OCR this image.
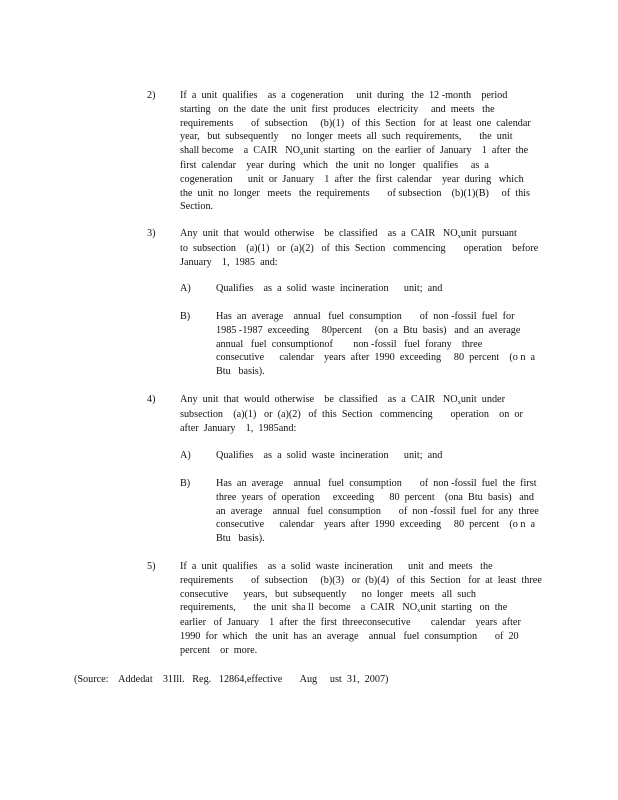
2) If  a  unit  qualifies    as  a  cogeneration     unit  during   the  12 -month    period
starting   on  the  date  the  unit  first  produces   electricity     and  meets   the
requirements       of  subsection     (b)(1)   of  this  Section   for  at  least  one  calendar
year,   but  subsequently     no  longer  meets  all  such  requirements,       the  unit
shall become    a  CAIR   NOxunit  starting   on  the  earlier  of  January    1  after  the
first  calendar    year  during   which   the  unit  no  longer   qualifies     as  a
cogeneration      unit  or  January    1  after  the  first  calendar    year  during   which
the  unit  no  longer   meets   the  requirements       of subsection    (b)(1)(B)     of  this
Section.
3) Any  unit  that  would  otherwise    be  classified    as  a  CAIR   NOxunit  pursuant
to  subsection    (a)(1)   or  (a)(2)   of  this  Section   commencing       operation    before
January    1,  1985  and:
A) Qualifies    as  a  solid  waste  incineration      unit;  and
B)	Has  an  average    annual   fuel  consumption       of  non -fossil  fuel  for
1985 -1987  exceeding     80percent     (on  a  Btu  basis)   and  an  average
annual   fuel  consumptionof        non -fossil   fuel  forany    three
consecutive      calendar    years  after  1990  exceeding     80  percent    (o n  a
Btu   basis).
4) Any  unit  that  would  otherwise    be  classified    as  a  CAIR   NOxunit  under
subsection    (a)(1)   or  (a)(2)   of  this  Section   commencing       operation    on  or
after  January    1,  1985and:
A) Qualifies    as  a  solid  waste  incineration      unit;  and
B)	Has  an  average    annual   fuel  consumption       of  non -fossil  fuel  the  first
three  years  of  operation     exceeding      80  percent    (ona  Btu  basis)   and
an  average    annual   fuel  consumption       of  non -fossil  fuel  for  any  three
consecutive      calendar    years  after  1990  exceeding     80  percent    (o n  a
Btu   basis).
5) If  a  unit  qualifies    as  a  solid  waste  incineration      unit  and  meets   the
requirements       of  subsection     (b)(3)   or  (b)(4)   of  this  Section   for  at  least  three
consecutive      years,   but  subsequently      no  longer   meets   all  such
requirements,       the  unit  sha ll  become    a  CAIR   NOxunit  starting   on  the
earlier   of  January    1  after  the  first  threeconsecutive        calendar    years  after
1990  for  which   the  unit  has  an  average    annual   fuel  consumption       of  20
percent    or  more.
(Source:    Addedat    31Ill.   Reg.   12864,effective       Aug     ust  31,  2007)
